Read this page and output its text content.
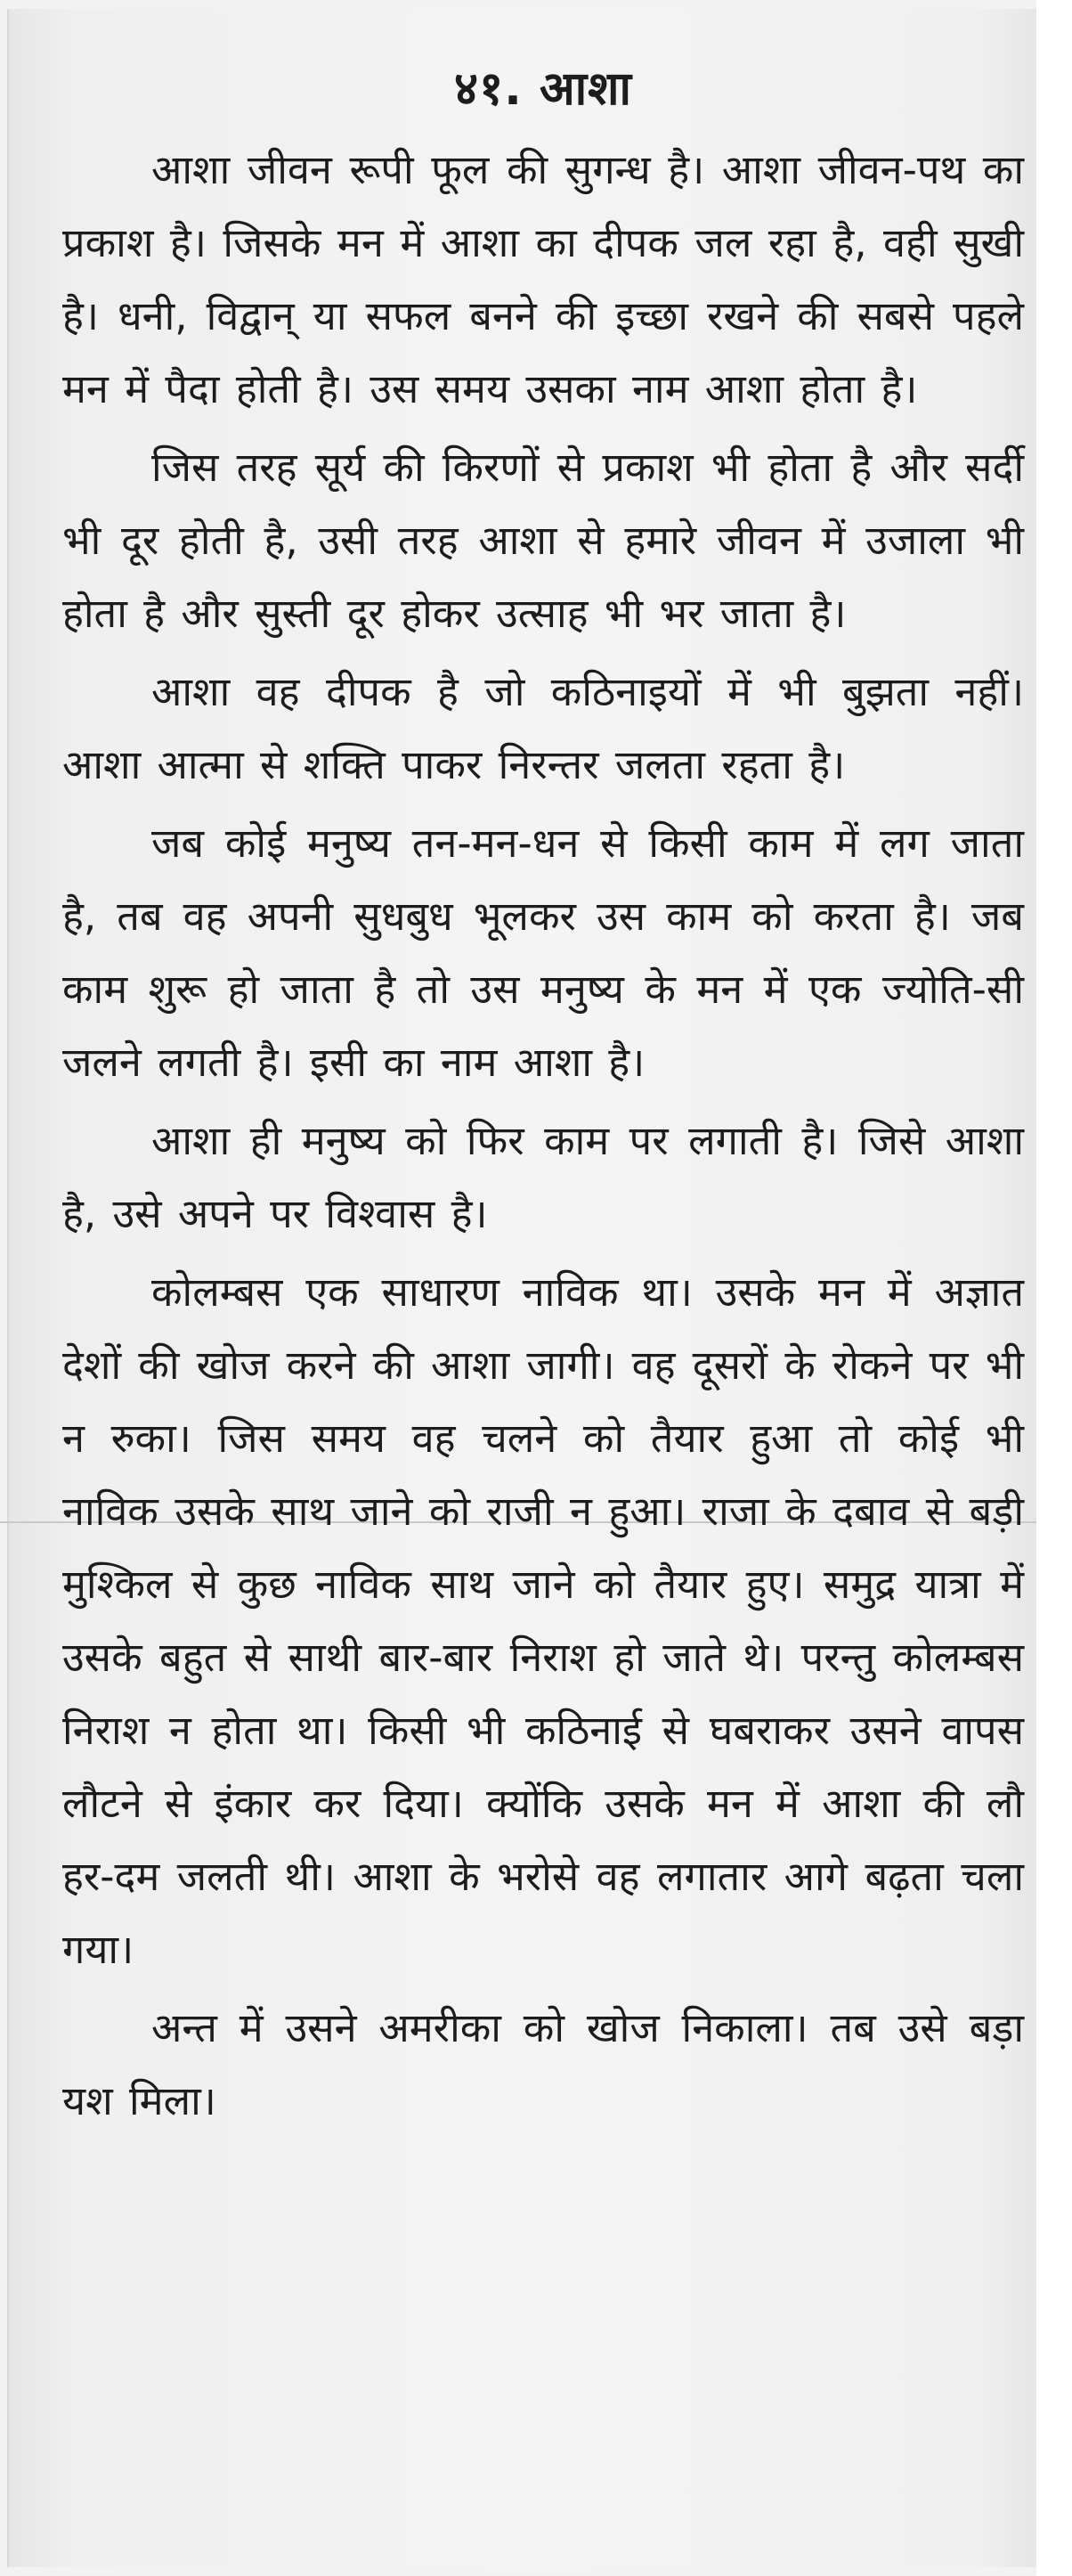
४१. आशा

आशा जीवन रूपी फूल की सुगन्ध है। आशा जीवन-पथ का प्रकाश है। जिसके मन में आशा का दीपक जल रहा है, वही सुखी है। धनी, विद्वान् या सफल बनने की इच्छा रखने की सबसे पहले मन में पैदा होती है। उस समय उसका नाम आशा होता है।

जिस तरह सूर्य की किरणों से प्रकाश भी होता है और सर्दी भी दूर होती है, उसी तरह आशा से हमारे जीवन में उजाला भी होता है और सुस्ती दूर होकर उत्साह भी भर जाता है।

आशा वह दीपक है जो कठिनाइयों में भी बुझता नहीं। आशा आत्मा से शक्ति पाकर निरन्तर जलता रहता है।

जब कोई मनुष्य तन-मन-धन से किसी काम में लग जाता है, तब वह अपनी सुधबुध भूलकर उस काम को करता है। जब काम शुरू हो जाता है तो उस मनुष्य के मन में एक ज्योति-सी जलने लगती है। इसी का नाम आशा है।

आशा ही मनुष्य को फिर काम पर लगाती है। जिसे आशा है, उसे अपने पर विश्वास है।

कोलम्बस एक साधारण नाविक था। उसके मन में अज्ञात देशों की खोज करने की आशा जागी। वह दूसरों के रोकने पर भी न रुका। जिस समय वह चलने को तैयार हुआ तो कोई भी नाविक उसके साथ जाने को राजी न हुआ। राजा के दबाव से बड़ी मुश्किल से कुछ नाविक साथ जाने को तैयार हुए। समुद्र यात्रा में उसके बहुत से साथी बार-बार निराश हो जाते थे। परन्तु कोलम्बस निराश न होता था। किसी भी कठिनाई से घबराकर उसने वापस लौटने से इंकार कर दिया। क्योंकि उसके मन में आशा की लौ हर-दम जलती थी। आशा के भरोसे वह लगातार आगे बढ़ता चला गया।

अन्त में उसने अमरीका को खोज निकाला। तब उसे बड़ा यश मिला।
